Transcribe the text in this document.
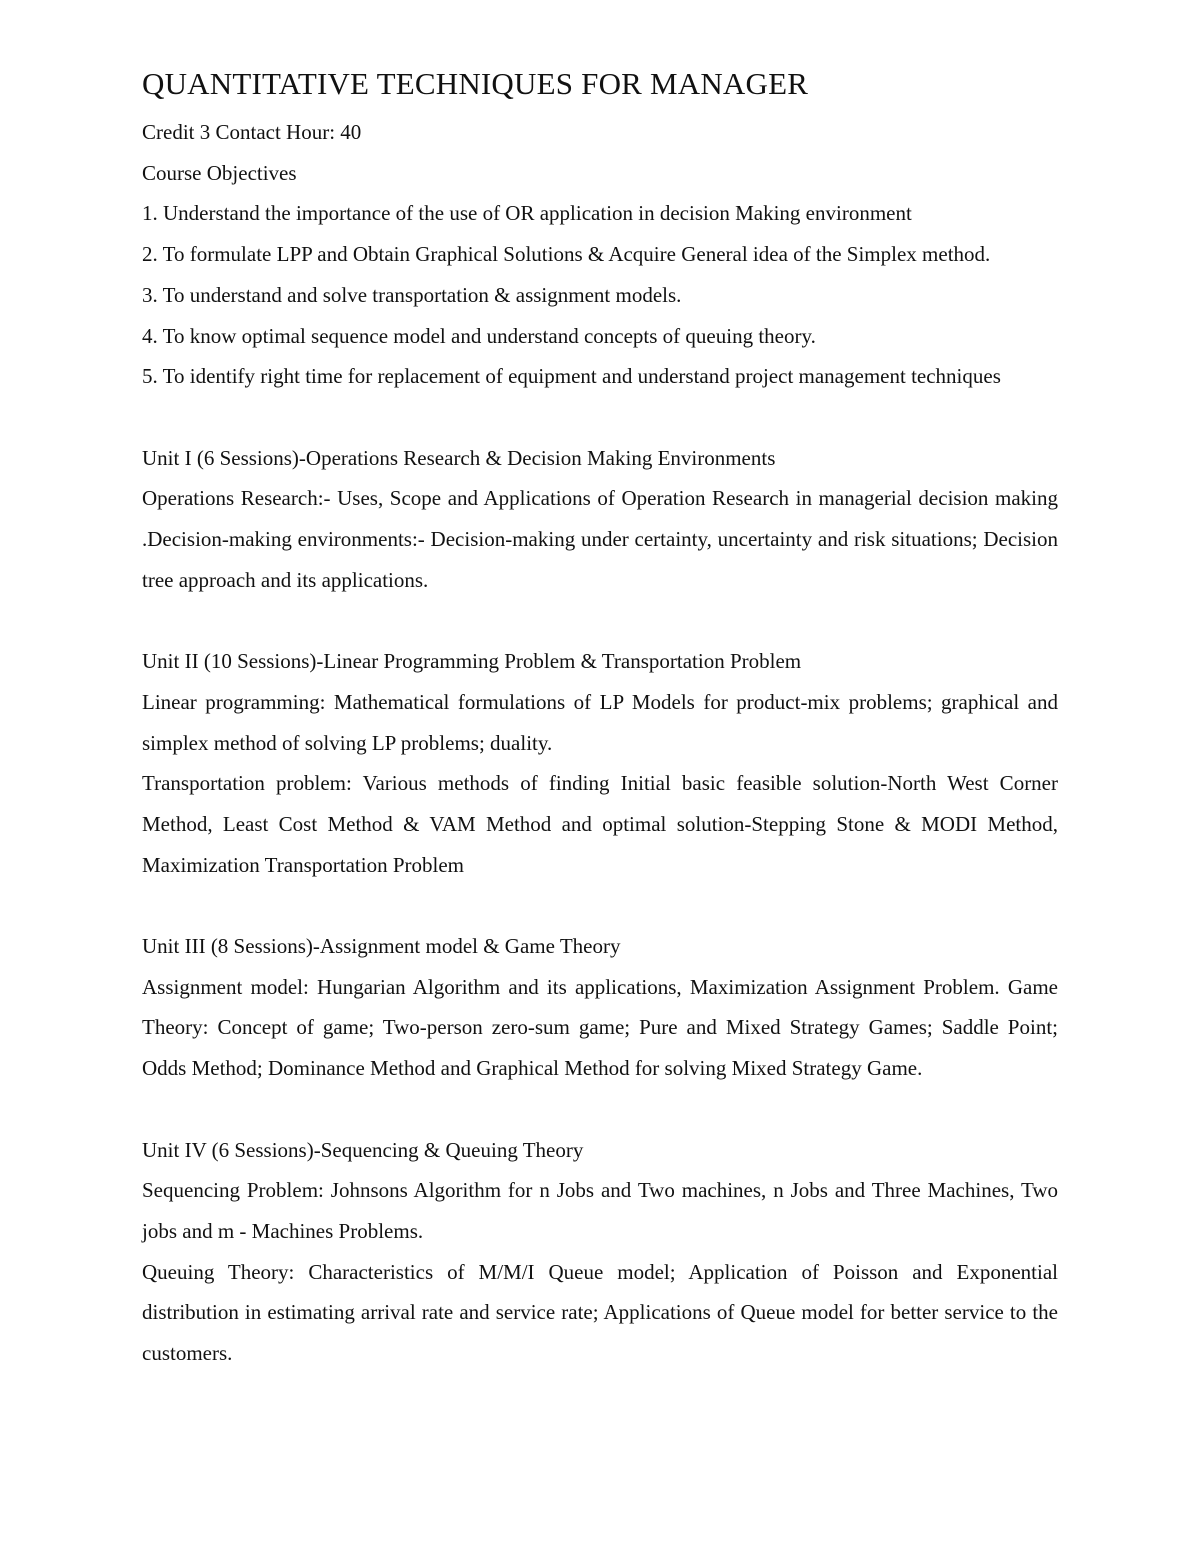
QUANTITATIVE TECHNIQUES FOR MANAGER

Credit 3 Contact Hour: 40

Course Objectives

1. Understand the importance of the use of OR application in decision Making environment

2. To formulate LPP and Obtain Graphical Solutions & Acquire General idea of the Simplex method.

3. To understand and solve transportation & assignment models.

4. To know optimal sequence model and understand concepts of queuing theory.

5. To identify right time for replacement of equipment and understand project management techniques

Unit I (6 Sessions)-Operations Research & Decision Making Environments

Operations Research:- Uses, Scope and Applications of Operation Research in managerial decision making .Decision-making environments:- Decision-making under certainty, uncertainty and risk situations; Decision tree approach and its applications.

Unit II (10 Sessions)-Linear Programming Problem & Transportation Problem

Linear programming: Mathematical formulations of LP Models for product-mix problems; graphical and simplex method of solving LP problems; duality.

Transportation problem: Various methods of finding Initial basic feasible solution-North West Corner Method, Least Cost Method & VAM Method and optimal solution-Stepping Stone & MODI Method, Maximization Transportation Problem

Unit III (8 Sessions)-Assignment model & Game Theory

Assignment model: Hungarian Algorithm and its applications, Maximization Assignment Problem. Game Theory: Concept of game; Two-person zero-sum game; Pure and Mixed Strategy Games; Saddle Point; Odds Method; Dominance Method and Graphical Method for solving Mixed Strategy Game.

Unit IV (6 Sessions)-Sequencing & Queuing Theory

Sequencing Problem: Johnsons Algorithm for n Jobs and Two machines, n Jobs and Three Machines, Two jobs and m - Machines Problems.

Queuing Theory: Characteristics of M/M/I Queue model; Application of Poisson and Exponential distribution in estimating arrival rate and service rate; Applications of Queue model for better service to the customers.
